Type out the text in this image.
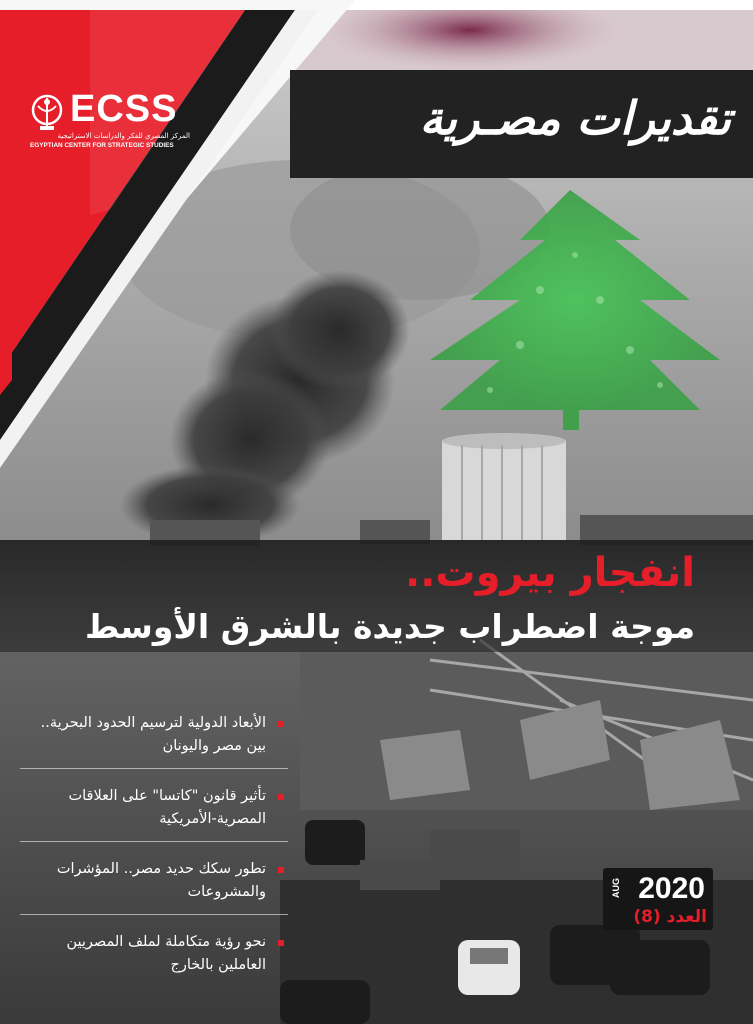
تقديرات مصـرية
ECSS
المركز المصري للفكر والدراسات الاستراتيجية
EGYPTIAN CENTER FOR STRATEGIC STUDIES
انفجار بيروت..
موجة اضطراب جديدة بالشرق الأوسط
الأبعاد الدولية لترسيم الحدود البحرية.. بين مصر واليونان
تأثير قانون "كاتسا" على العلاقات المصرية-الأمريكية
تطور سكك حديد مصر.. المؤشرات والمشروعات
نحو رؤية متكاملة لملف المصريين العاملين بالخارج
AUG 2020
العدد (8)
